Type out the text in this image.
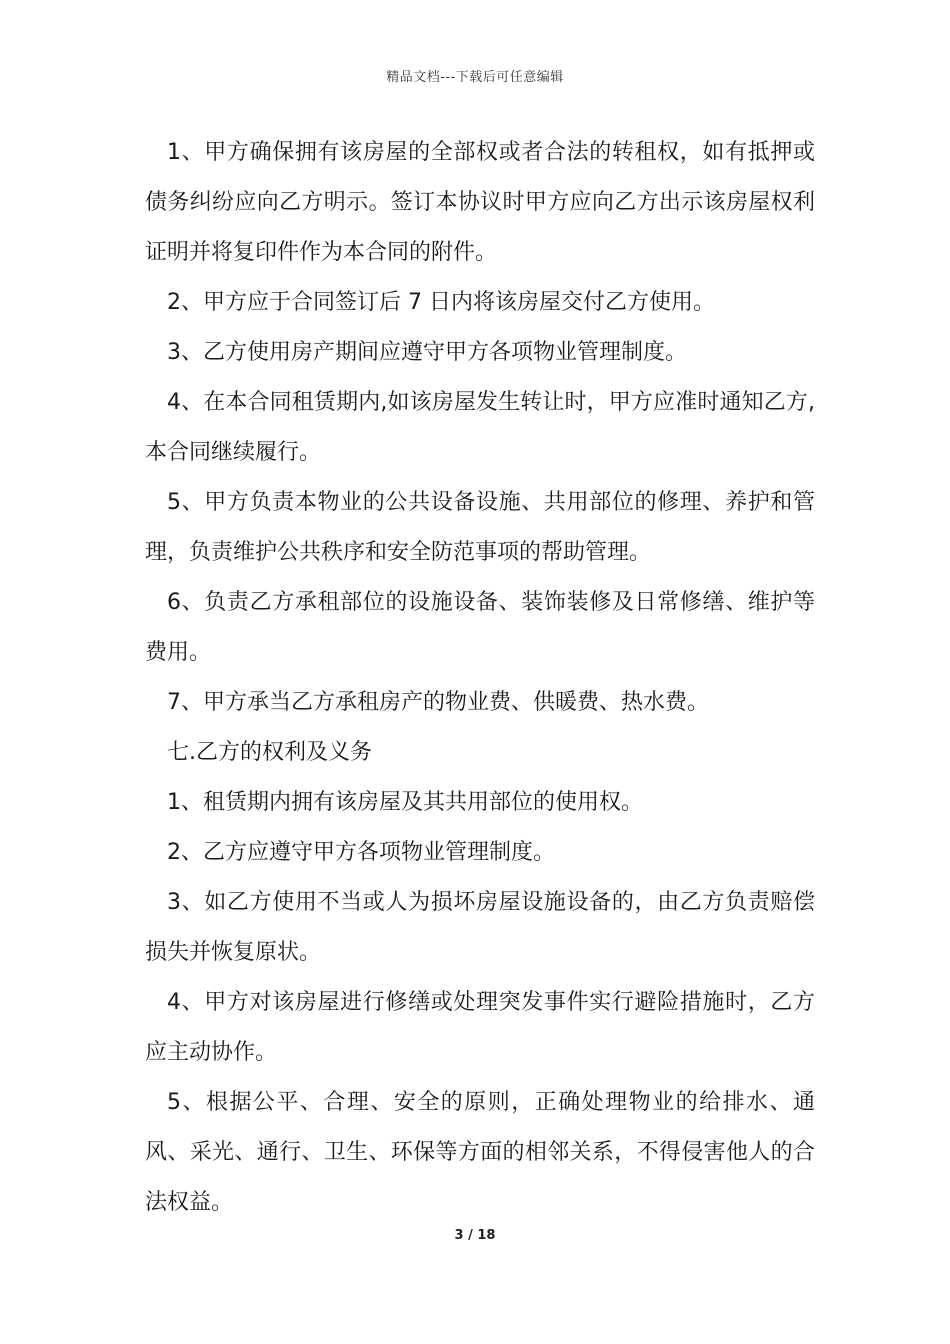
精品文档---下载后可任意编辑

1、甲方确保拥有该房屋的全部权或者合法的转租权，如有抵押或债务纠纷应向乙方明示。签订本协议时甲方应向乙方出示该房屋权利证明并将复印件作为本合同的附件。

2、甲方应于合同签订后 7 日内将该房屋交付乙方使用。

3、乙方使用房产期间应遵守甲方各项物业管理制度。

4、在本合同租赁期内,如该房屋发生转让时，甲方应准时通知乙方,本合同继续履行。

5、甲方负责本物业的公共设备设施、共用部位的修理、养护和管理，负责维护公共秩序和安全防范事项的帮助管理。

6、负责乙方承租部位的设施设备、装饰装修及日常修缮、维护等费用。

7、甲方承当乙方承租房产的物业费、供暖费、热水费。

七.乙方的权利及义务

1、租赁期内拥有该房屋及其共用部位的使用权。

2、乙方应遵守甲方各项物业管理制度。

3、如乙方使用不当或人为损坏房屋设施设备的，由乙方负责赔偿损失并恢复原状。

4、甲方对该房屋进行修缮或处理突发事件实行避险措施时，乙方应主动协作。

5、根据公平、合理、安全的原则，正确处理物业的给排水、通风、采光、通行、卫生、环保等方面的相邻关系，不得侵害他人的合法权益。

3 / 18
